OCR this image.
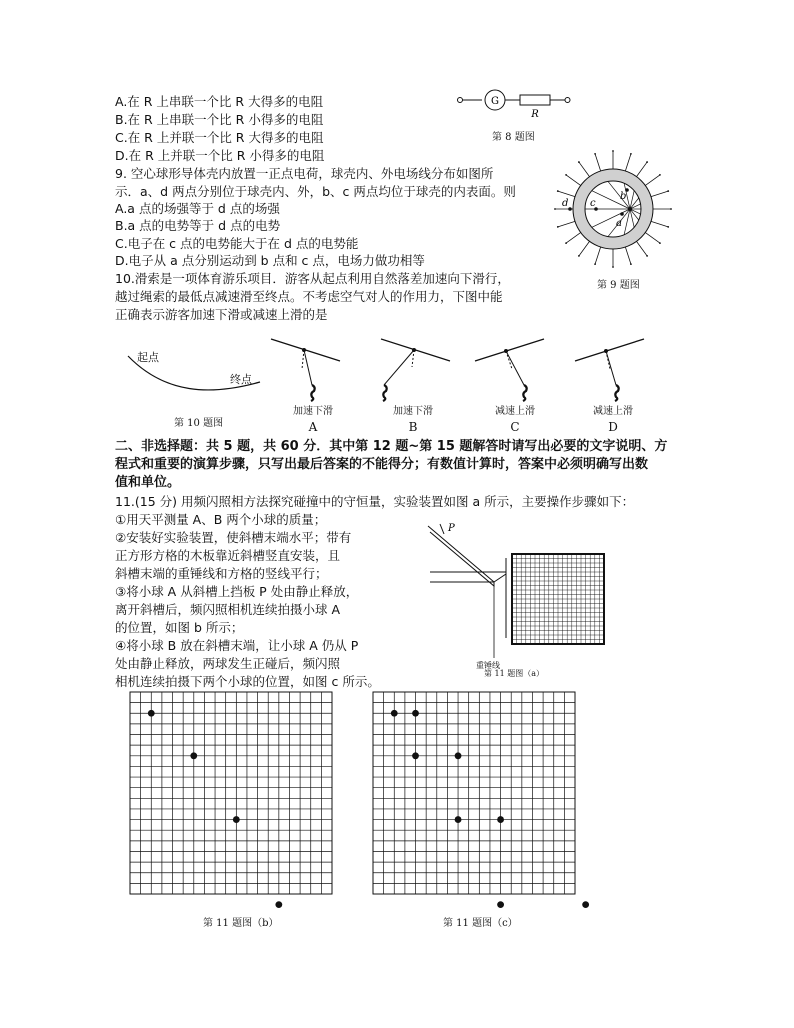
A.在 R 上串联一个比 R 大得多的电阻
B.在 R 上串联一个比 R 小得多的电阻
C.在 R 上并联一个比 R 大得多的电阻
D.在 R 上并联一个比 R 小得多的电阻
G
R
第 8 题图
9. 空心球形导体壳内放置一正点电荷，球壳内、外电场线分布如图所
示．a、d 两点分别位于球壳内、外，b、c 两点均位于球壳的内表面。则
A.a 点的场强等于 d 点的场强
B.a 点的电势等于 d 点的电势
C.电子在 c 点的电势能大于在 d 点的电势能
D.电子从 a 点分别运动到 b 点和 c 点，电场力做功相等
d c
b
a
第 9 题图
10.滑索是一项体育游乐项目．游客从起点利用自然落差加速向下滑行，
越过绳索的最低点减速滑至终点。不考虑空气对人的作用力，下图中能
正确表示游客加速下滑或减速上滑的是
起点
终点
第 10 题图
加速下滑	加速下滑	减速上滑	减速上滑
A	B	C	D
二、非选择题：共 5 题，共 60 分．其中第 12 题~第 15 题解答时请写出必要的文字说明、方
程式和重要的演算步骤，只写出最后答案的不能得分；有数值计算时，答案中必须明确写出数
值和单位。
11.(15 分) 用频闪照相方法探究碰撞中的守恒量，实验装置如图 a 所示，主要操作步骤如下：
①用天平测量 A、B 两个小球的质量；
②安装好实验装置，使斜槽末端水平；带有
正方形方格的木板靠近斜槽竖直安装，且
斜槽末端的重锤线和方格的竖线平行；
③将小球 A 从斜槽上挡板 P 处由静止释放，
离开斜槽后，频闪照相机连续拍摄小球 A
的位置，如图 b 所示；
④将小球 B 放在斜槽末端，让小球 A 仍从 P
处由静止释放，两球发生正碰后，频闪照
相机连续拍摄下两个小球的位置，如图 c 所示。
P
重锤线
第 11 题图（a）
第 11 题图（b）	第 11 题图（c）
